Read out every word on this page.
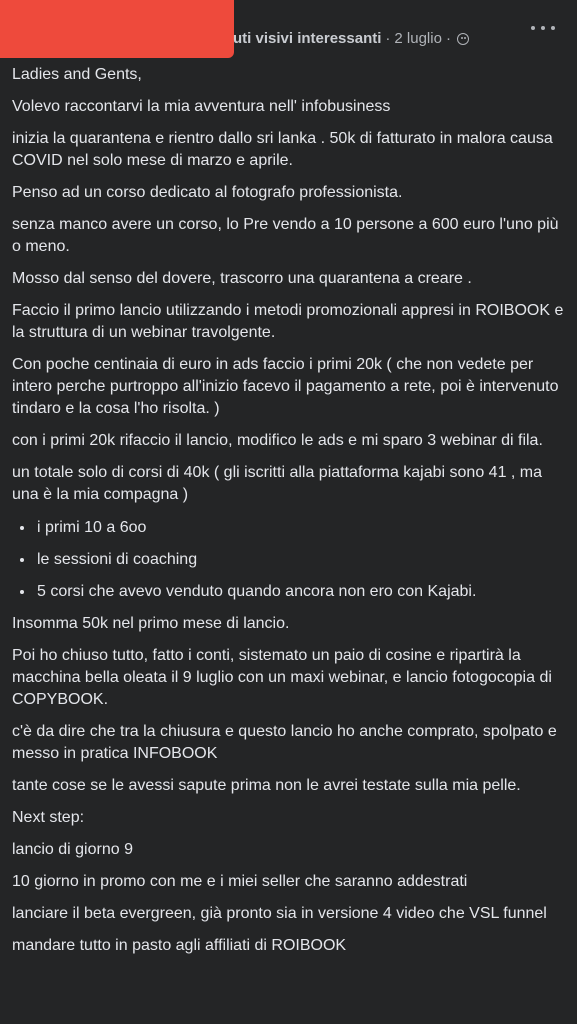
uti visivi interessanti · 2 luglio ·

Ladies and Gents,

Volevo raccontarvi la mia avventura nell' infobusiness

inizia la quarantena e rientro dallo sri lanka . 50k di fatturato in malora causa COVID nel solo mese di marzo e aprile.

Penso ad un corso dedicato al fotografo professionista.

senza manco avere un corso, lo Pre vendo a 10 persone a 600 euro l'uno più o meno.

Mosso dal senso del dovere, trascorro una quarantena a creare .

Faccio il primo lancio utilizzando i metodi promozionali appresi in ROIBOOK e la struttura di un webinar travolgente.

Con poche centinaia di euro in ads faccio i primi 20k ( che non vedete per intero perche purtroppo all'inizio facevo il pagamento a rete, poi è intervenuto tindaro e la cosa l'ho risolta. )

con i primi 20k rifaccio il lancio, modifico le ads e mi sparo 3 webinar di fila.

un totale solo di corsi di 40k ( gli iscritti alla piattaforma kajabi sono 41 , ma una è la mia compagna )

• i primi 10 a 6oo
• le sessioni di coaching
• 5 corsi che avevo venduto quando ancora non ero con Kajabi.

Insomma 50k nel primo mese di lancio.

Poi ho chiuso tutto, fatto i conti, sistemato un paio di cosine e ripartirà la macchina bella oleata il 9 luglio con un maxi webinar, e lancio fotogocopia di COPYBOOK.

c'è da dire che tra la chiusura e questo lancio ho anche comprato, spolpato e messo in pratica INFOBOOK

tante cose se le avessi sapute prima non le avrei testate sulla mia pelle.

Next step:

lancio di giorno 9

10 giorno in promo con me e i miei seller che saranno addestrati

lanciare il beta evergreen, già pronto sia in versione 4 video che VSL funnel

mandare tutto in pasto agli affiliati di ROIBOOK
